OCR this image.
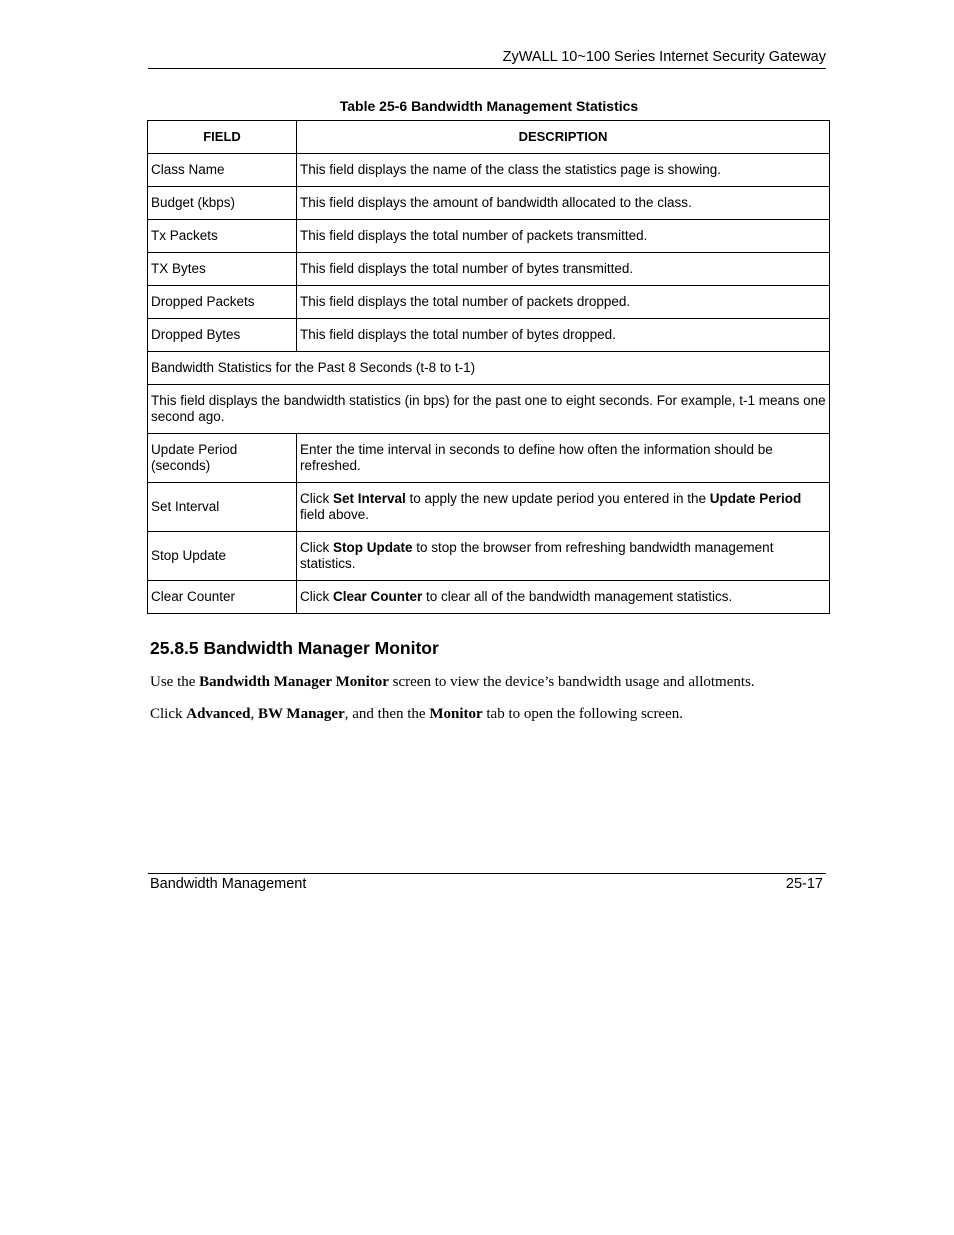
ZyWALL 10~100 Series Internet Security Gateway
Table 25-6 Bandwidth Management Statistics
FIELD	DESCRIPTION
Class Name	This field displays the name of the class the statistics page is showing.
Budget (kbps)	This field displays the amount of bandwidth allocated to the class.
Tx Packets	This field displays the total number of packets transmitted.
TX Bytes	This field displays the total number of bytes transmitted.
Dropped Packets	This field displays the total number of packets dropped.
Dropped Bytes	This field displays the total number of bytes dropped.
Bandwidth Statistics for the Past 8 Seconds (t-8 to t-1)	
This field displays the bandwidth statistics (in bps) for the past one to eight seconds. For example, t-1 means one second ago.	
Update Period (seconds)	Enter the time interval in seconds to define how often the information should be refreshed.
Set Interval	Click Set Interval to apply the new update period you entered in the Update Period field above.
Stop Update	Click Stop Update to stop the browser from refreshing bandwidth management statistics.
Clear Counter	Click Clear Counter to clear all of the bandwidth management statistics.
25.8.5 Bandwidth Manager Monitor
Use the Bandwidth Manager Monitor screen to view the device’s bandwidth usage and allotments.
Click Advanced, BW Manager, and then the Monitor tab to open the following screen.
Bandwidth Management	25-17
